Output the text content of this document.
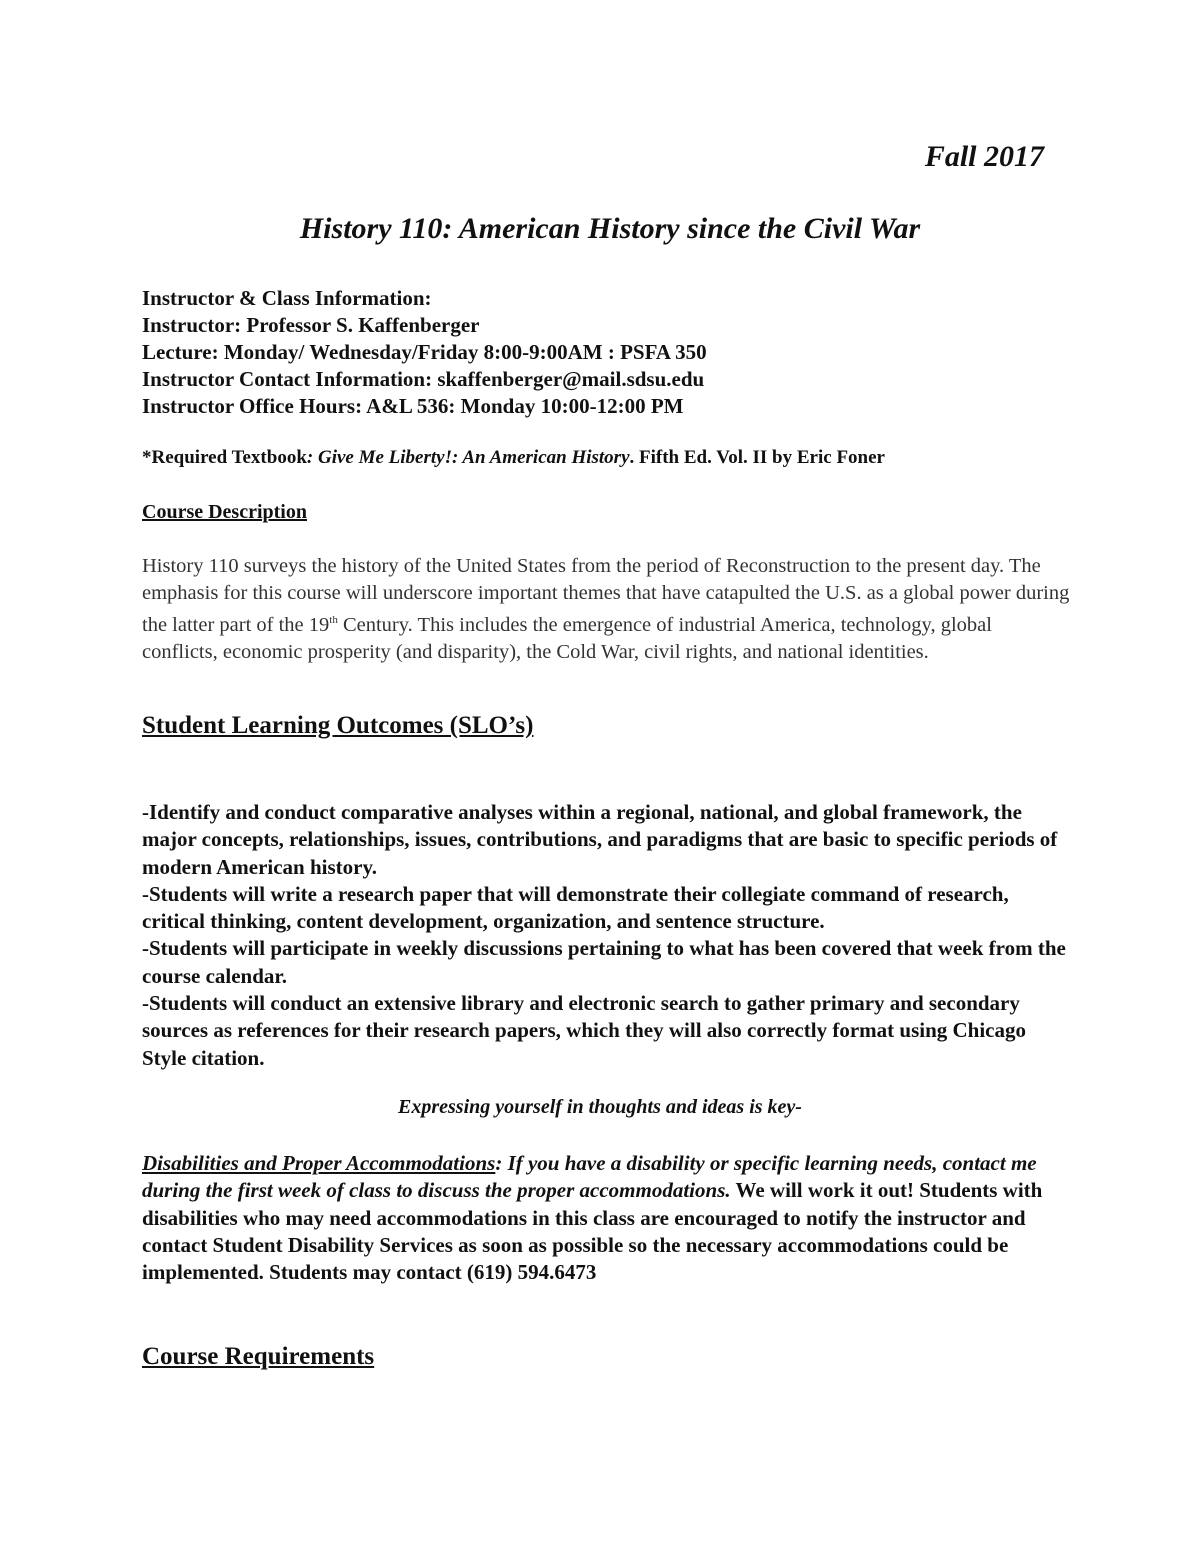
Fall 2017

History 110: American History since the Civil War
Instructor & Class Information:
Instructor: Professor S. Kaffenberger
Lecture: Monday/ Wednesday/Friday 8:00-9:00AM : PSFA 350
Instructor Contact Information: skaffenberger@mail.sdsu.edu
Instructor Office Hours: A&L 536: Monday 10:00-12:00 PM

*Required Textbook: Give Me Liberty!: An American History. Fifth Ed. Vol. II by Eric Foner

Course Description

History 110 surveys the history of the United States from the period of Reconstruction to the present day. The emphasis for this course will underscore important themes that have catapulted the U.S. as a global power during the latter part of the 19th Century. This includes the emergence of industrial America, technology, global conflicts, economic prosperity (and disparity), the Cold War, civil rights, and national identities.

Student Learning Outcomes (SLO’s)
-Identify and conduct comparative analyses within a regional, national, and global framework, the major concepts, relationships, issues, contributions, and paradigms that are basic to specific periods of modern American history.
-Students will write a research paper that will demonstrate their collegiate command of research, critical thinking, content development, organization, and sentence structure.
-Students will participate in weekly discussions pertaining to what has been covered that week from the course calendar.
-Students will conduct an extensive library and electronic search to gather primary and secondary sources as references for their research papers, which they will also correctly format using Chicago Style citation.

Expressing yourself in thoughts and ideas is key-

Disabilities and Proper Accommodations: If you have a disability or specific learning needs, contact me during the first week of class to discuss the proper accommodations. We will work it out! Students with disabilities who may need accommodations in this class are encouraged to notify the instructor and contact Student Disability Services as soon as possible so the necessary accommodations could be implemented. Students may contact (619) 594.6473

Course Requirements
